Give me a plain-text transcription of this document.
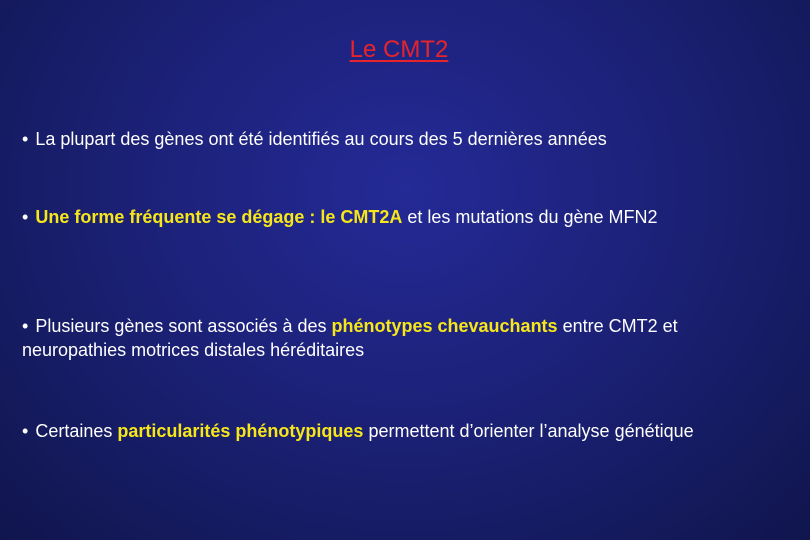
Le CMT2
• La plupart des gènes ont été identifiés au cours des 5 dernières années
• Une forme fréquente se dégage : le CMT2A et les mutations du gène MFN2
• Plusieurs gènes sont associés à des phénotypes chevauchants entre CMT2 et neuropathies motrices distales héréditaires
• Certaines particularités phénotypiques permettent d’orienter l’analyse génétique
